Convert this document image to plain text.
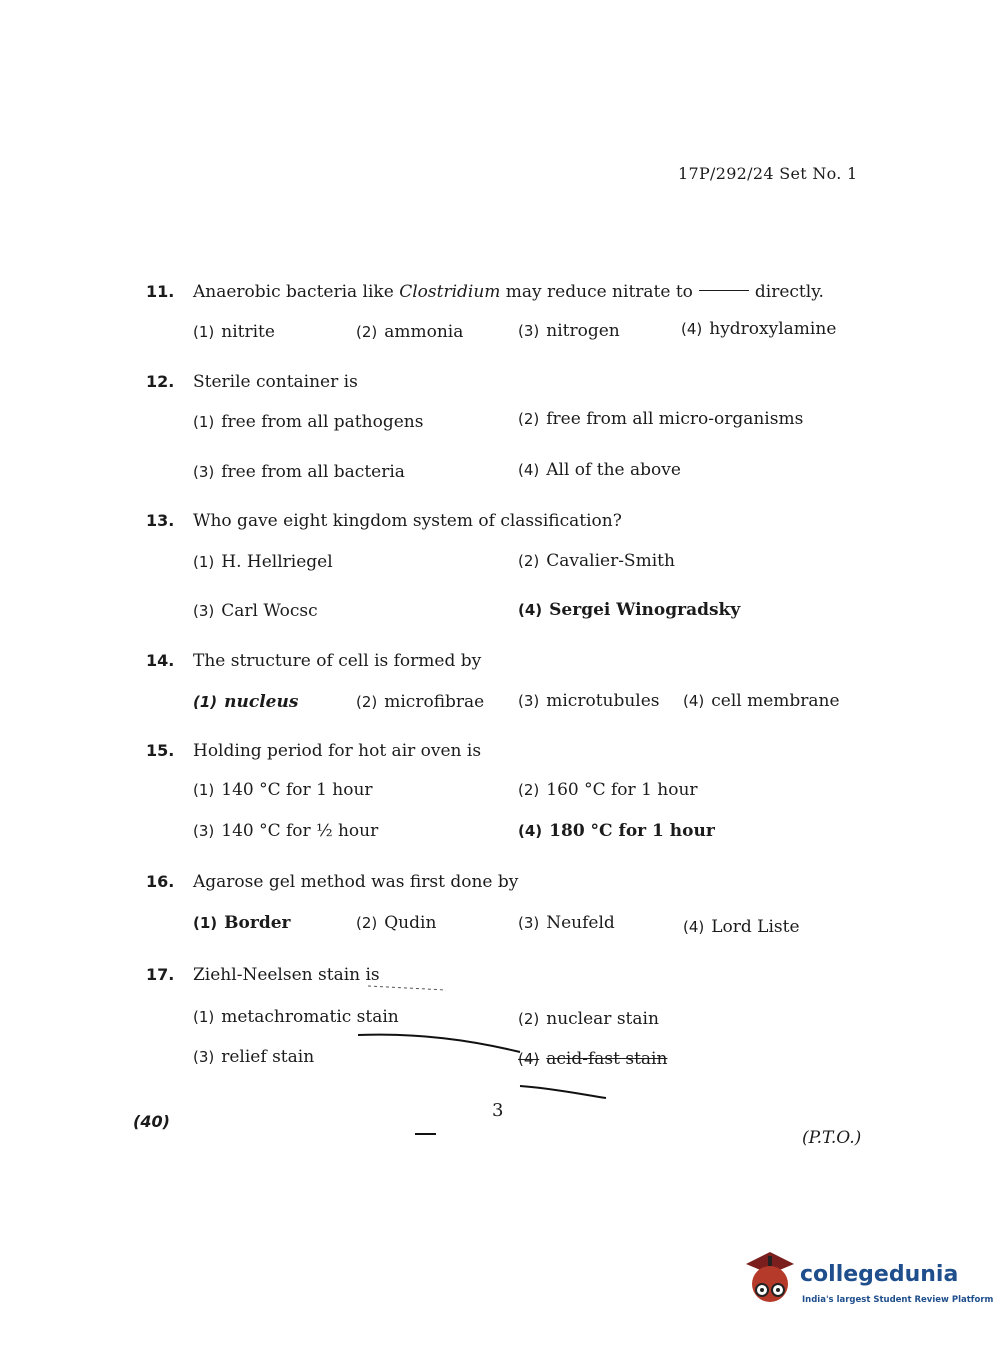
17P/292/24 Set No. 1
11. Anaerobic bacteria like Clostridium may reduce nitrate to	directly.
(1) nitrite	(2) ammonia	(3) nitrogen	(4) hydroxylamine
12. Sterile container is
(1) free from all pathogens	(2) free from all micro-organisms
(3) free from all bacteria	(4) All of the above
13. Who gave eight kingdom system of classification?
(1) H. Hellriegel	(2) Cavalier-Smith
(3) Carl Wocsc	(4) Sergei Winogradsky
14. The structure of cell is formed by
(1) nucleus	(2) microfibrae (3) microtubules (4) cell membrane
15. Holding period for hot air oven is
(1) 140 °C for 1 hour	(2) 160 °C for 1 hour
(3) 140 °C for ½ hour	(4) 180 °C for 1 hour
16. Agarose gel method was first done by
(1) Border	(2) Qudin	(3) Neufeld	(4) Lord Liste
17. Ziehl-Neelsen stain is
(1) metachromatic stain	(2) nuclear stain
(3) relief stain	(4) acid-fast stain
(40)
3
(P.T.O.)
collegedunia
India's largest Student Review Platform
